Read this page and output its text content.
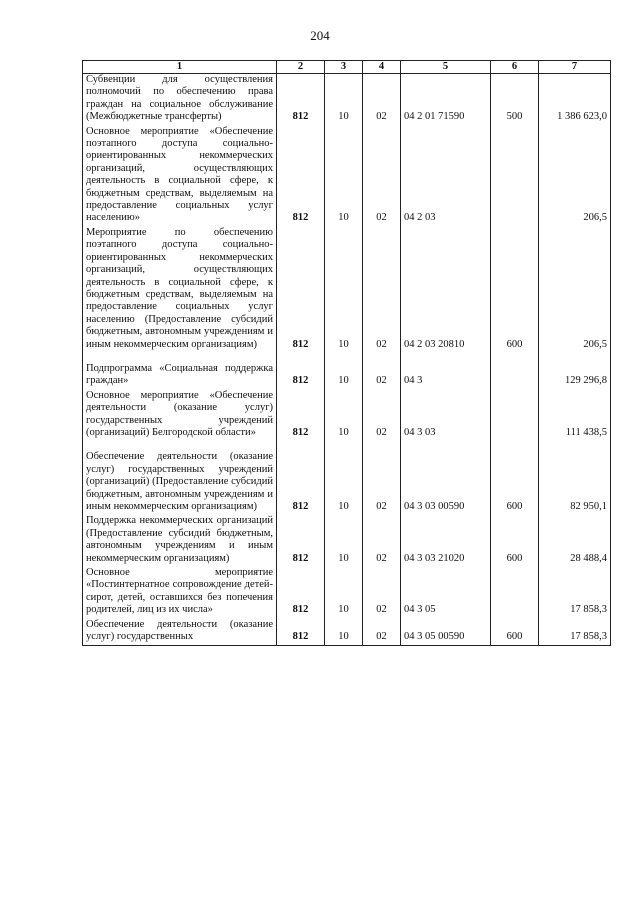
204
1	2	3	4	5	6	7
Субвенции для осуществления полномочий по обеспечению права граждан на социальное обслуживание (Межбюджетные трансферты)	812	10	02	04 2 01 71590	500	1 386 623,0
Основное мероприятие «Обеспечение поэтапного доступа социально-ориентированных некоммерческих организаций, осуществляющих деятельность в социальной сфере, к бюджетным средствам, выделяемым на предоставление социальных услуг населению»	812	10	02	04 2 03		206,5
Мероприятие по обеспечению поэтапного доступа социально-ориентированных некоммерческих организаций, осуществляющих деятельность в социальной сфере, к бюджетным средствам, выделяемым на предоставление социальных услуг населению (Предоставление субсидий бюджетным, автономным учреждениям и иным некоммерческим организациям)	812	10	02	04 2 03 20810	600	206,5

Подпрограмма «Социальная поддержка граждан»	812	10	02	04 3		129 296,8
Основное мероприятие «Обеспечение деятельности (оказание услуг) государственных учреждений (организаций) Белгородской области»	812	10	02	04 3 03		111 438,5

Обеспечение деятельности (оказание услуг) государственных учреждений (организаций) (Предоставление субсидий бюджетным, автономным учреждениям и иным некоммерческим организациям)	812	10	02	04 3 03 00590	600	82 950,1
Поддержка некоммерческих организаций (Предоставление субсидий бюджетным, автономным учреждениям и иным некоммерческим организациям)	812	10	02	04 3 03 21020	600	28 488,4
Основное мероприятие «Постинтернатное сопровождение детей-сирот, детей, оставшихся без попечения родителей, лиц из их числа»	812	10	02	04 3 05		17 858,3
Обеспечение деятельности (оказание услуг) государственных	812	10	02	04 3 05 00590	600	17 858,3
